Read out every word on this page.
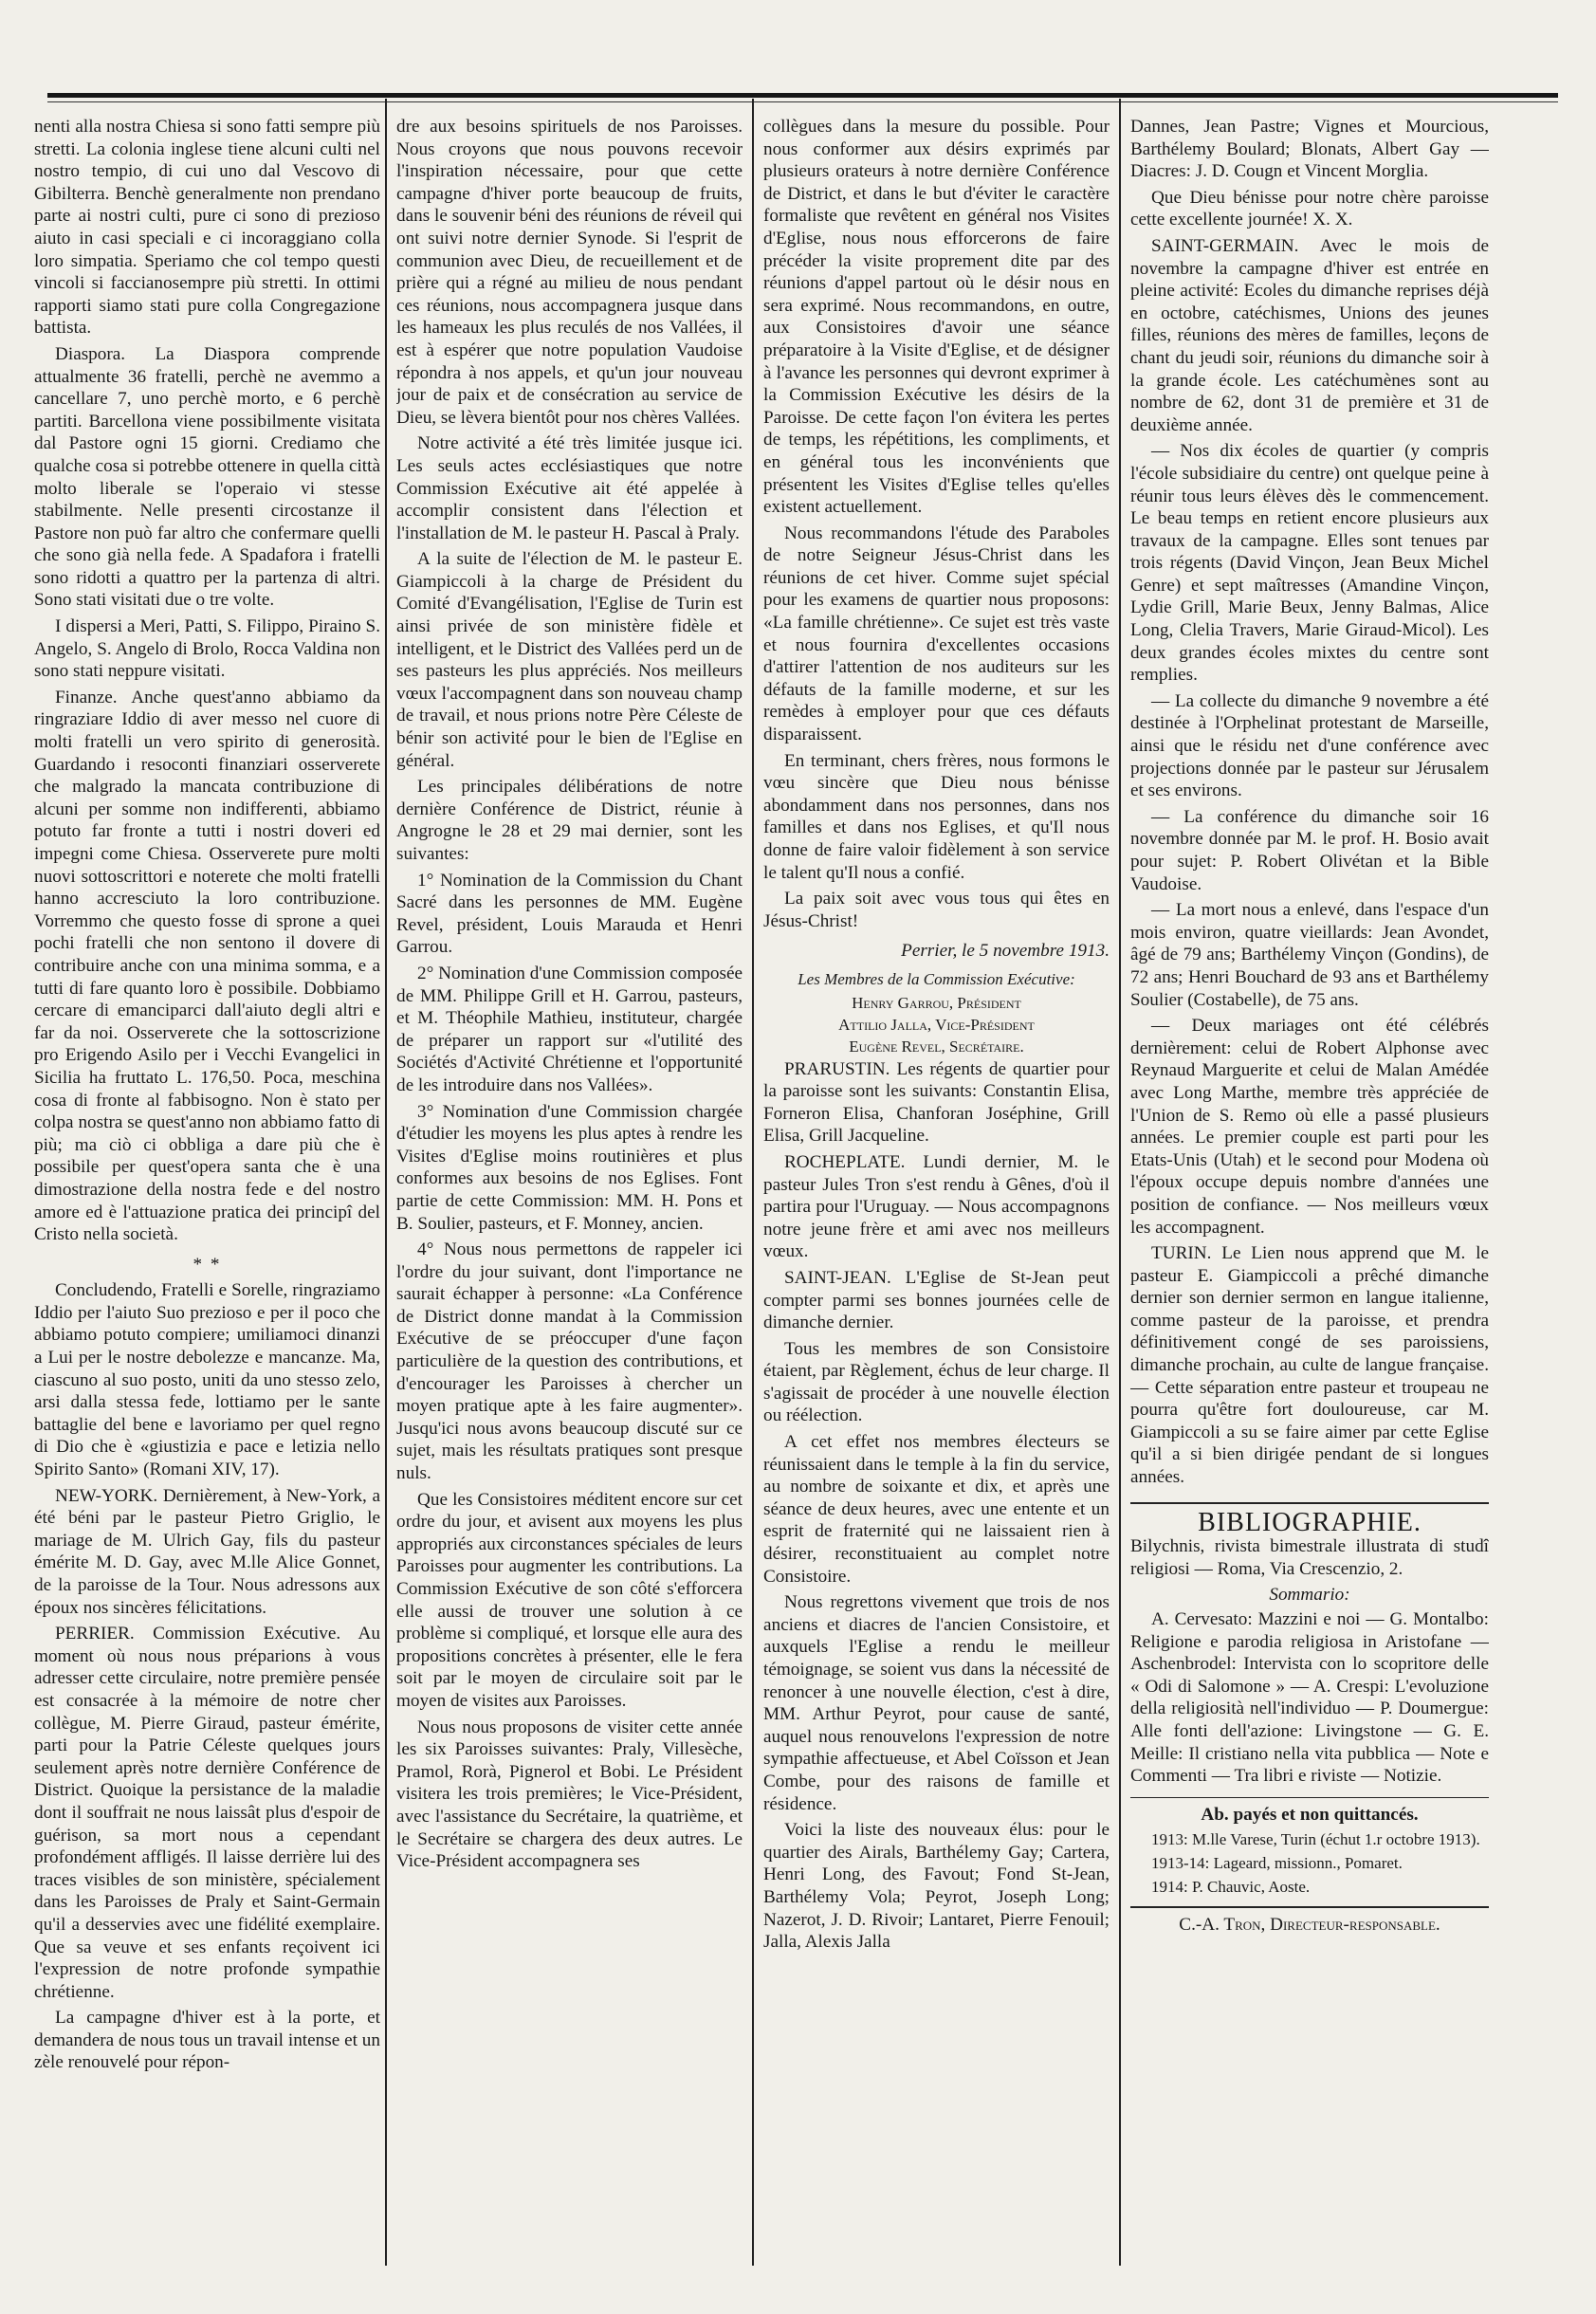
nenti alla nostra Chiesa si sono fatti sempre più stretti. La colonia inglese tiene alcuni culti nel nostro tempio, di cui uno dal Vescovo di Gibilterra. Benchè generalmente non prendano parte ai nostri culti, pure ci sono di prezioso aiuto in casi speciali e ci incoraggiano colla loro simpatia. Speriamo che col tempo questi vincoli si faccianosempre più stretti. In ottimi rapporti siamo stati pure colla Congregazione battista.

Diaspora. La Diaspora comprende attualmente 36 fratelli, perchè ne avemmo a cancellare 7, uno perchè morto, e 6 perchè partiti. Barcellona viene possibilmente visitata dal Pastore ogni 15 giorni. Crediamo che qualche cosa si potrebbe ottenere in quella città molto liberale se l'operaio vi stesse stabilmente. Nelle presenti circostanze il Pastore non può far altro che confermare quelli che sono già nella fede. A Spadafora i fratelli sono ridotti a quattro per la partenza di altri. Sono stati visitati due o tre volte.

I dispersi a Meri, Patti, S. Filippo, Piraino S. Angelo, S. Angelo di Brolo, Rocca Valdina non sono stati neppure visitati.

Finanze. Anche quest'anno abbiamo da ringraziare Iddio di aver messo nel cuore di molti fratelli un vero spirito di generosità. Guardando i resoconti finanziari osserverete che malgrado la mancata contribuzione di alcuni per somme non indifferenti, abbiamo potuto far fronte a tutti i nostri doveri ed impegni come Chiesa. Osserverete pure molti nuovi sottoscrittori e noterete che molti fratelli hanno accresciuto la loro contribuzione. Vorremmo che questo fosse di sprone a quei pochi fratelli che non sentono il dovere di contribuire anche con una minima somma, e a tutti di fare quanto loro è possibile. Dobbiamo cercare di emanciparci dall'aiuto degli altri e far da noi. Osserverete che la sottoscrizione pro Erigendo Asilo per i Vecchi Evangelici in Sicilia ha fruttato L. 176,50. Poca, meschina cosa di fronte al fabbisogno. Non è stato per colpa nostra se quest'anno non abbiamo fatto di più; ma ciò ci obbliga a dare più che è possibile per quest'opera santa che è una dimostrazione della nostra fede e del nostro amore ed è l'attuazione pratica dei principî del Cristo nella società.

* *

Concludendo, Fratelli e Sorelle, ringraziamo Iddio per l'aiuto Suo prezioso e per il poco che abbiamo potuto compiere; umiliamoci dinanzi a Lui per le nostre debolezze e mancanze. Ma, ciascuno al suo posto, uniti da uno stesso zelo, arsi dalla stessa fede, lottiamo per le sante battaglie del bene e lavoriamo per quel regno di Dio che è «giustizia e pace e letizia nello Spirito Santo» (Romani XIV, 17).

NEW-YORK. Dernièrement, à New-York, a été béni par le pasteur Pietro Griglio, le mariage de M. Ulrich Gay, fils du pasteur émérite M. D. Gay, avec M.lle Alice Gonnet, de la paroisse de la Tour. Nous adressons aux époux nos sincères félicitations.

PERRIER. Commission Exécutive. Au moment où nous nous préparions à vous adresser cette circulaire, notre première pensée est consacrée à la mémoire de notre cher collègue, M. Pierre Giraud, pasteur émérite, parti pour la Patrie Céleste quelques jours seulement après notre dernière Conférence de District. Quoique la persistance de la maladie dont il souffrait ne nous laissât plus d'espoir de guérison, sa mort nous a cependant profondément affligés. Il laisse derrière lui des traces visibles de son ministère, spécialement dans les Paroisses de Praly et Saint-Germain qu'il a desservies avec une fidélité exemplaire. Que sa veuve et ses enfants reçoivent ici l'expression de notre profonde sympathie chrétienne.

La campagne d'hiver est à la porte, et demandera de nous tous un travail intense et un zèle renouvelé pour répon-

dre aux besoins spirituels de nos Paroisses. Nous croyons que nous pouvons recevoir l'inspiration nécessaire, pour que cette campagne d'hiver porte beaucoup de fruits, dans le souvenir béni des réunions de réveil qui ont suivi notre dernier Synode. Si l'esprit de communion avec Dieu, de recueillement et de prière qui a régné au milieu de nous pendant ces réunions, nous accompagnera jusque dans les hameaux les plus reculés de nos Vallées, il est à espérer que notre population Vaudoise répondra à nos appels, et qu'un jour nouveau jour de paix et de consécration au service de Dieu, se lèvera bientôt pour nos chères Vallées.

Notre activité a été très limitée jusque ici. Les seuls actes ecclésiastiques que notre Commission Exécutive ait été appelée à accomplir consistent dans l'élection et l'installation de M. le pasteur H. Pascal à Praly.

A la suite de l'élection de M. le pasteur E. Giampiccoli à la charge de Président du Comité d'Evangélisation, l'Eglise de Turin est ainsi privée de son ministère fidèle et intelligent, et le District des Vallées perd un de ses pasteurs les plus appréciés. Nos meilleurs vœux l'accompagnent dans son nouveau champ de travail, et nous prions notre Père Céleste de bénir son activité pour le bien de l'Eglise en général.

Les principales délibérations de notre dernière Conférence de District, réunie à Angrogne le 28 et 29 mai dernier, sont les suivantes:

1° Nomination de la Commission du Chant Sacré dans les personnes de MM. Eugène Revel, président, Louis Marauda et Henri Garrou.

2° Nomination d'une Commission composée de MM. Philippe Grill et H. Garrou, pasteurs, et M. Théophile Mathieu, instituteur, chargée de préparer un rapport sur «l'utilité des Sociétés d'Activité Chrétienne et l'opportunité de les introduire dans nos Vallées».

3° Nomination d'une Commission chargée d'étudier les moyens les plus aptes à rendre les Visites d'Eglise moins routinières et plus conformes aux besoins de nos Eglises. Font partie de cette Commission: MM. H. Pons et B. Soulier, pasteurs, et F. Monney, ancien.

4° Nous nous permettons de rappeler ici l'ordre du jour suivant, dont l'importance ne saurait échapper à personne: «La Conférence de District donne mandat à la Commission Exécutive de se préoccuper d'une façon particulière de la question des contributions, et d'encourager les Paroisses à chercher un moyen pratique apte à les faire augmenter». Jusqu'ici nous avons beaucoup discuté sur ce sujet, mais les résultats pratiques sont presque nuls.

Que les Consistoires méditent encore sur cet ordre du jour, et avisent aux moyens les plus appropriés aux circonstances spéciales de leurs Paroisses pour augmenter les contributions. La Commission Exécutive de son côté s'efforcera elle aussi de trouver une solution à ce problème si compliqué, et lorsque elle aura des propositions concrètes à présenter, elle le fera soit par le moyen de circulaire soit par le moyen de visites aux Paroisses.

Nous nous proposons de visiter cette année les six Paroisses suivantes: Praly, Villesèche, Pramol, Rorà, Pignerol et Bobi. Le Président visitera les trois premières; le Vice-Président, avec l'assistance du Secrétaire, la quatrième, et le Secrétaire se chargera des deux autres. Le Vice-Président accompagnera ses

collègues dans la mesure du possible. Pour nous conformer aux désirs exprimés par plusieurs orateurs à notre dernière Conférence de District, et dans le but d'éviter le caractère formaliste que revêtent en général nos Visites d'Eglise, nous nous efforcerons de faire précéder la visite proprement dite par des réunions d'appel partout où le désir nous en sera exprimé. Nous recommandons, en outre, aux Consistoires d'avoir une séance préparatoire à la Visite d'Eglise, et de désigner à l'avance les personnes qui devront exprimer à la Commission Exécutive les désirs de la Paroisse. De cette façon l'on évitera les pertes de temps, les répétitions, les compliments, et en général tous les inconvénients que présentent les Visites d'Eglise telles qu'elles existent actuellement.

Nous recommandons l'étude des Paraboles de notre Seigneur Jésus-Christ dans les réunions de cet hiver. Comme sujet spécial pour les examens de quartier nous proposons: «La famille chrétienne». Ce sujet est très vaste et nous fournira d'excellentes occasions d'attirer l'attention de nos auditeurs sur les défauts de la famille moderne, et sur les remèdes à employer pour que ces défauts disparaissent.

En terminant, chers frères, nous formons le vœu sincère que Dieu nous bénisse abondamment dans nos personnes, dans nos familles et dans nos Eglises, et qu'Il nous donne de faire valoir fidèlement à son service le talent qu'Il nous a confié.

La paix soit avec vous tous qui êtes en Jésus-Christ!

Perrier, le 5 novembre 1913.
Les Membres de la Commission Exécutive:
Henry Garrou, Président
Attilio Jalla, Vice-Président
Eugène Revel, Secrétaire.

PRARUSTIN. Les régents de quartier pour la paroisse sont les suivants: Constantin Elisa, Forneron Elisa, Chanforan Joséphine, Grill Elisa, Grill Jacqueline.

ROCHEPLATE. Lundi dernier, M. le pasteur Jules Tron s'est rendu à Gênes, d'où il partira pour l'Uruguay. — Nous accompagnons notre jeune frère et ami avec nos meilleurs vœux.

SAINT-JEAN. L'Eglise de St-Jean peut compter parmi ses bonnes journées celle de dimanche dernier.

Tous les membres de son Consistoire étaient, par Règlement, échus de leur charge. Il s'agissait de procéder à une nouvelle élection ou réélection.

A cet effet nos membres électeurs se réunissaient dans le temple à la fin du service, au nombre de soixante et dix, et après une séance de deux heures, avec une entente et un esprit de fraternité qui ne laissaient rien à désirer, reconstituaient au complet notre Consistoire.

Nous regrettons vivement que trois de nos anciens et diacres de l'ancien Consistoire, et auxquels l'Eglise a rendu le meilleur témoignage, se soient vus dans la nécessité de renoncer à une nouvelle élection, c'est à dire, MM. Arthur Peyrot, pour cause de santé, auquel nous renouvelons l'expression de notre sympathie affectueuse, et Abel Coïsson et Jean Combe, pour des raisons de famille et résidence.

Voici la liste des nouveaux élus: pour le quartier des Airals, Barthélemy Gay; Cartera, Henri Long, des Favout; Fond St-Jean, Barthélemy Vola; Peyrot, Joseph Long; Nazerot, J. D. Rivoir; Lantaret, Pierre Fenouil; Jalla, Alexis Jalla

Dannes, Jean Pastre; Vignes et Mourcious, Barthélemy Boulard; Blonats, Albert Gay — Diacres: J. D. Cougn et Vincent Morglia.

Que Dieu bénisse pour notre chère paroisse cette excellente journée! X. X.

SAINT-GERMAIN. Avec le mois de novembre la campagne d'hiver est entrée en pleine activité: Ecoles du dimanche reprises déjà en octobre, catéchismes, Unions des jeunes filles, réunions des mères de familles, leçons de chant du jeudi soir, réunions du dimanche soir à la grande école. Les catéchumènes sont au nombre de 62, dont 31 de première et 31 de deuxième année.

— Nos dix écoles de quartier (y compris l'école subsidiaire du centre) ont quelque peine à réunir tous leurs élèves dès le commencement. Le beau temps en retient encore plusieurs aux travaux de la campagne. Elles sont tenues par trois régents (David Vinçon, Jean Beux Michel Genre) et sept maîtresses (Amandine Vinçon, Lydie Grill, Marie Beux, Jenny Balmas, Alice Long, Clelia Travers, Marie Giraud-Micol). Les deux grandes écoles mixtes du centre sont remplies.

— La collecte du dimanche 9 novembre a été destinée à l'Orphelinat protestant de Marseille, ainsi que le résidu net d'une conférence avec projections donnée par le pasteur sur Jérusalem et ses environs.

— La conférence du dimanche soir 16 novembre donnée par M. le prof. H. Bosio avait pour sujet: P. Robert Olivétan et la Bible Vaudoise.

— La mort nous a enlevé, dans l'espace d'un mois environ, quatre vieillards: Jean Avondet, âgé de 79 ans; Barthélemy Vinçon (Gondins), de 72 ans; Henri Bouchard de 93 ans et Barthélemy Soulier (Costabelle), de 75 ans.

— Deux mariages ont été célébrés dernièrement: celui de Robert Alphonse avec Reynaud Marguerite et celui de Malan Amédée avec Long Marthe, membre très appréciée de l'Union de S. Remo où elle a passé plusieurs années. Le premier couple est parti pour les Etats-Unis (Utah) et le second pour Modena où l'époux occupe depuis nombre d'années une position de confiance. — Nos meilleurs vœux les accompagnent.

TURIN. Le Lien nous apprend que M. le pasteur E. Giampiccoli a prêché dimanche dernier son dernier sermon en langue italienne, comme pasteur de la paroisse, et prendra définitivement congé de ses paroissiens, dimanche prochain, au culte de langue française. — Cette séparation entre pasteur et troupeau ne pourra qu'être fort douloureuse, car M. Giampiccoli a su se faire aimer par cette Eglise qu'il a si bien dirigée pendant de si longues années.

BIBLIOGRAPHIE.

Bilychnis, rivista bimestrale illustrata di studî religiosi — Roma, Via Crescenzio, 2.

Sommario:

A. Cervesato: Mazzini e noi — G. Montalbo: Religione e parodia religiosa in Aristofane — Aschenbrodel: Intervista con lo scopritore delle « Odi di Salomone » — A. Crespi: L'evoluzione della religiosità nell'individuo — P. Doumergue: Alle fonti dell'azione: Livingstone — G. E. Meille: Il cristiano nella vita pubblica — Note e Commenti — Tra libri e riviste — Notizie.

Ab. payés et non quittancés.

1913: M.lle Varese, Turin (échut 1.r octobre 1913).

1913-14: Lageard, missionn., Pomaret.

1914: P. Chauvic, Aoste.

C.-A. Tron, Directeur-responsable.
